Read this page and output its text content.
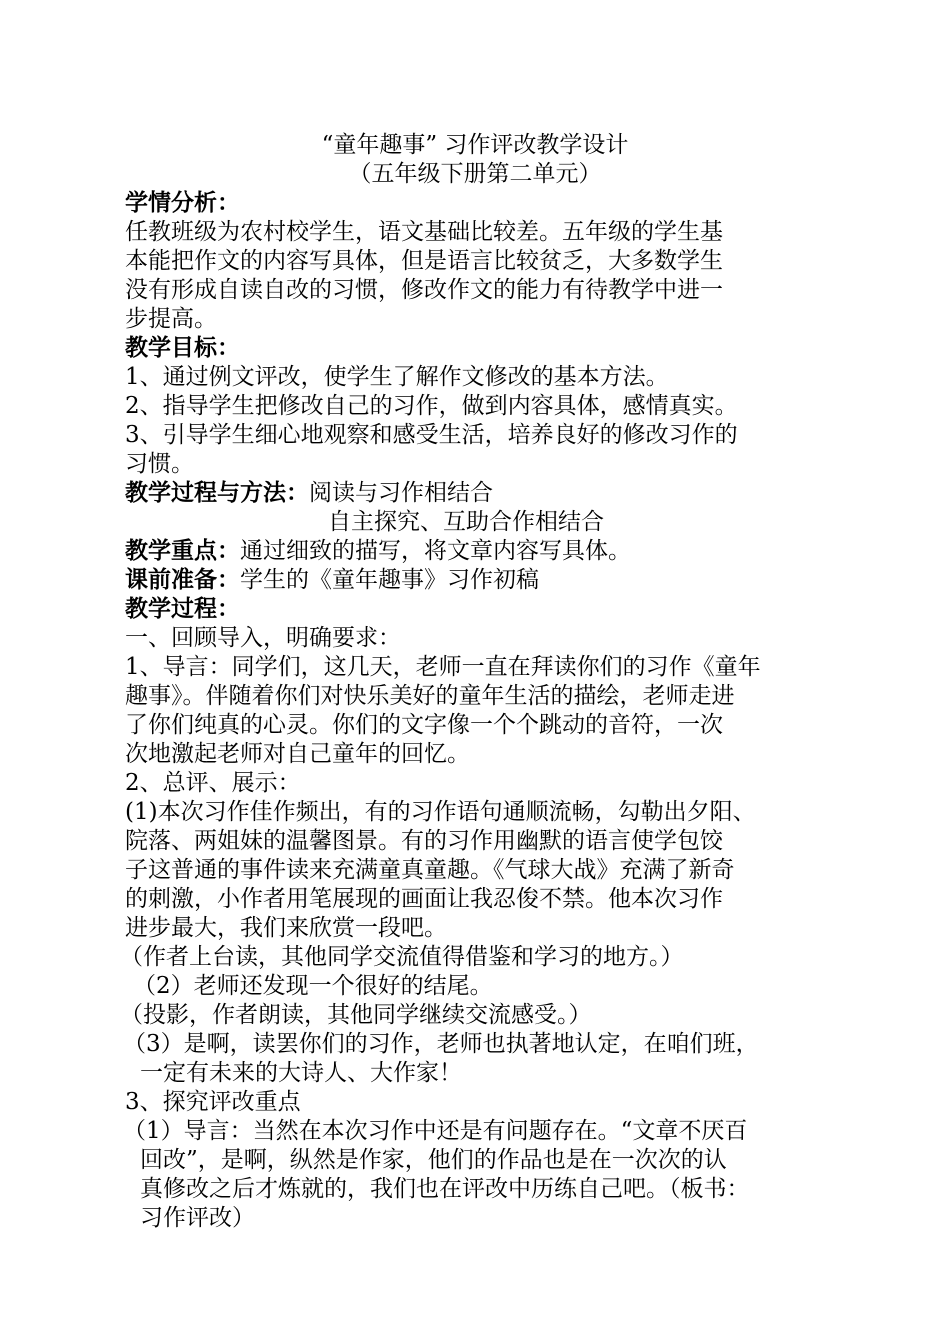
“童年趣事” 习作评改教学设计
（五年级下册第二单元）
学情分析：
任教班级为农村校学生，语文基础比较差。五年级的学生基
本能把作文的内容写具体，但是语言比较贫乏，大多数学生
没有形成自读自改的习惯，修改作文的能力有待教学中进一
步提高。
教学目标：
1、通过例文评改，使学生了解作文修改的基本方法。
2、指导学生把修改自己的习作，做到内容具体，感情真实。
3、引导学生细心地观察和感受生活，培养良好的修改习作的
习惯。
教学过程与方法：阅读与习作相结合
自主探究、互助合作相结合
教学重点：通过细致的描写，将文章内容写具体。
课前准备：学生的《童年趣事》习作初稿
教学过程：
一、回顾导入，明确要求：
1、导言：同学们，这几天，老师一直在拜读你们的习作《童年
趣事》。伴随着你们对快乐美好的童年生活的描绘，老师走进
了你们纯真的心灵。你们的文字像一个个跳动的音符，一次
次地激起老师对自己童年的回忆。
2、总评、展示：
(1)本次习作佳作频出，有的习作语句通顺流畅，勾勒出夕阳、
院落、两姐妹的温馨图景。有的习作用幽默的语言使学包饺
子这普通的事件读来充满童真童趣。《气球大战》充满了新奇
的刺激，小作者用笔展现的画面让我忍俊不禁。他本次习作
进步最大，我们来欣赏一段吧。
（作者上台读，其他同学交流值得借鉴和学习的地方。）
（2）老师还发现一个很好的结尾。
（投影，作者朗读，其他同学继续交流感受。）
（3）是啊，读罢你们的习作，老师也执著地认定，在咱们班，
一定有未来的大诗人、大作家！
3、探究评改重点
（1）导言：当然在本次习作中还是有问题存在。“文章不厌百
回改”，是啊，纵然是作家，他们的作品也是在一次次的认
真修改之后才炼就的，我们也在评改中历练自己吧。（板书：
习作评改）
